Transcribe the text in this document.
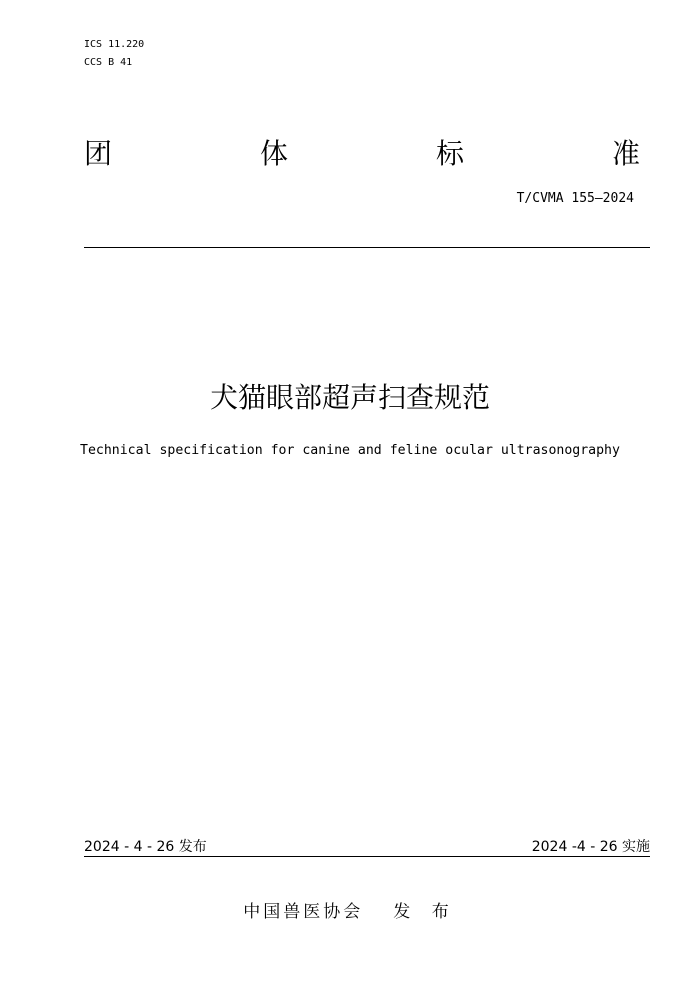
ICS 11.220
CCS B 41
团	体	标	准
T/CVMA 155—2024
犬猫眼部超声扫查规范
Technical specification for canine and feline ocular ultrasonography
2024 - 4 - 26 发布	2024 -4 - 26 实施
中国兽医协会 发 布
